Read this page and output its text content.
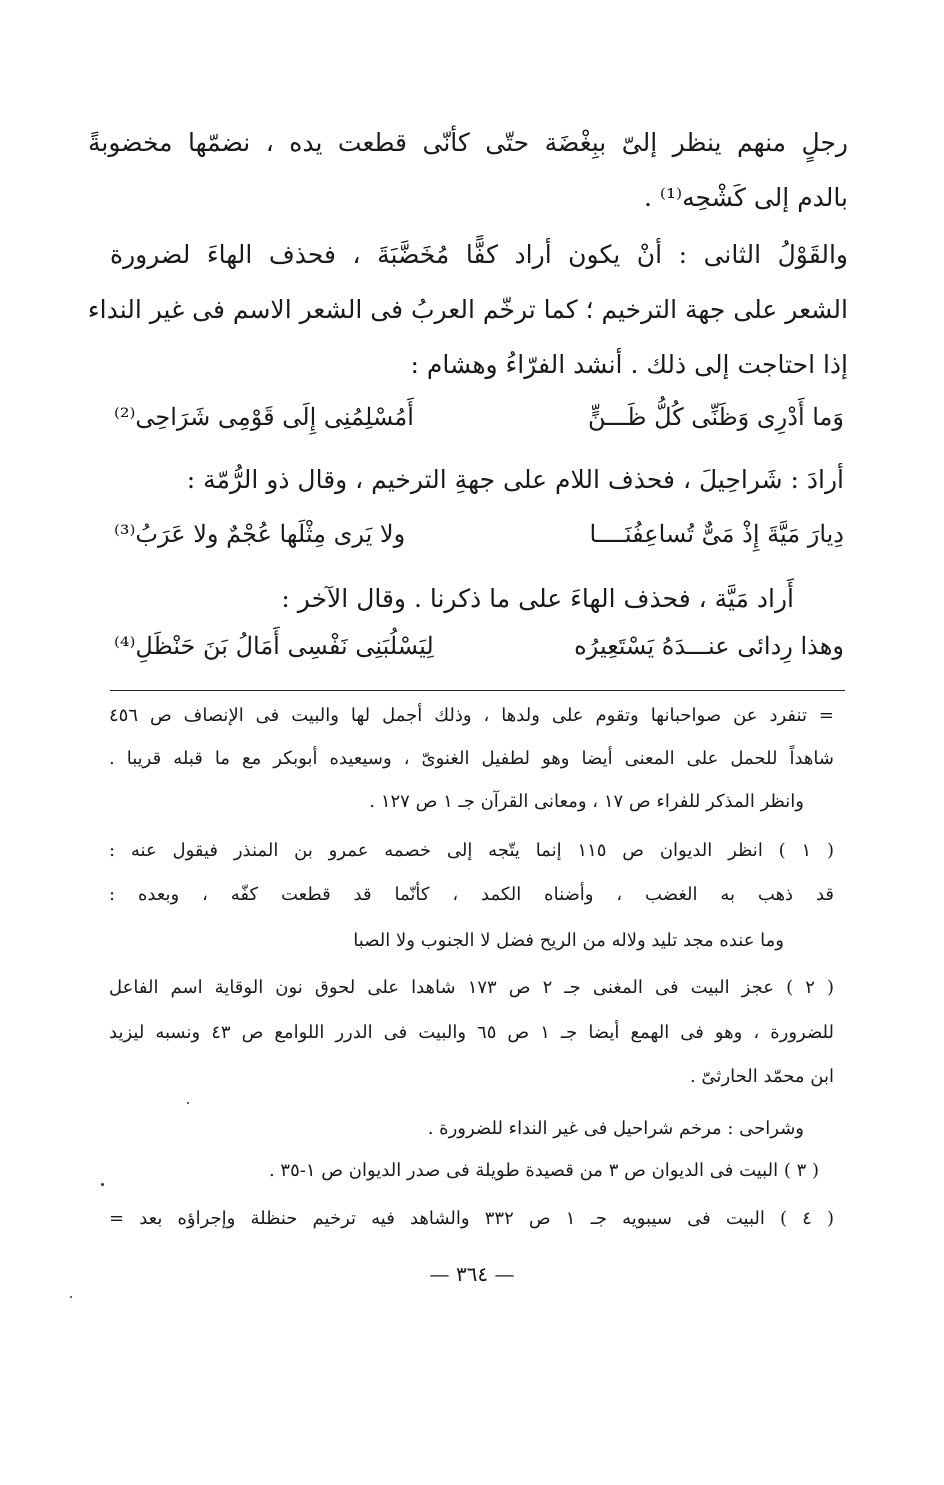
رجلٍ منهم ينظر إلىّ ببِغْضَة حتّى كأنّى قطعت يده ، نضمّها مخضوبةً
بالدم إلى كَشْحِه⁽¹⁾ .
والقَوْلُ الثانى : أنْ يكون أراد كفًّا مُخَضَّبَةَ ، فحذف الهاءَ لضرورة
الشعر على جهة الترخيم ؛ كما ترخّم العربُ فى الشعر الاسم فى غير النداء
إذا احتاجت إلى ذلك . أنشد الفرّاءُ وهشام :
وَما أَدْرِى وَظَنِّى كُلُّ ظَـــنٍّ
أَمُسْلِمُنِى إِلَى قَوْمِى شَرَاحِى⁽²⁾
أرادَ : شَراحِيلَ ، فحذف اللام على جهةِ الترخيم ، وقال ذو الرُّمّة :
دِيارَ مَيَّةَ إِذْ مَىٌّ تُساعِفُنَــــا
ولا يَرى مِثْلَها عُجْمٌ ولا عَرَبُ⁽³⁾
أَراد مَيَّة ، فحذف الهاءَ على ما ذكرنا . وقال الآخر :
وهذا رِدائى عنـــدَهُ يَسْتَعِيرُه
لِيَسْلُبَنِى نَفْسِى أَمَالُ بَنَ حَنْظَلِ⁽⁴⁾
= تنفرد عن صواحبانها وتقوم على ولدها ، وذلك أجمل لها والبيت فى الإنصاف ص ٤٥٦
شاهداً للحمل على المعنى أيضا وهو لطفيل الغنوىّ ، وسيعيده أبوبكر مع ما قبله قريبا .
وانظر المذكر للفراء ص ١٧ ، ومعانى القرآن جـ ١ ص ١٢٧ .
( ١ ) انظر الديوان ص ١١٥ إنما يتّجه إلى خصمه عمرو بن المنذر فيقول عنه :
قد ذهب به الغضب ، وأضناه الكمد ، كأنّما قد قطعت كفّه ، وبعده :
وما عنده مجد تليد ولاله من الريح فضل لا الجنوب ولا الصبا
( ٢ ) عجز البيت فى المغنى جـ ٢ ص ١٧٣ شاهدا على لحوق نون الوقاية اسم الفاعل
للضرورة ، وهو فى الهمع أيضا جـ ١ ص ٦٥ والبيت فى الدرر اللوامع ص ٤٣ ونسبه ليزيد
ابن محمّد الحارثىّ .
وشراحى : مرخم شراحيل فى غير النداء للضرورة .
( ٣ ) البيت فى الديوان ص ٣ من قصيدة طويلة فى صدر الديوان ص ١-٣٥ .
( ٤ ) البيت فى سيبويه جـ ١ ص ٣٣٢ والشاهد فيه ترخيم حنظلة وإجراؤه بعد =
— ٣٦٤ —
